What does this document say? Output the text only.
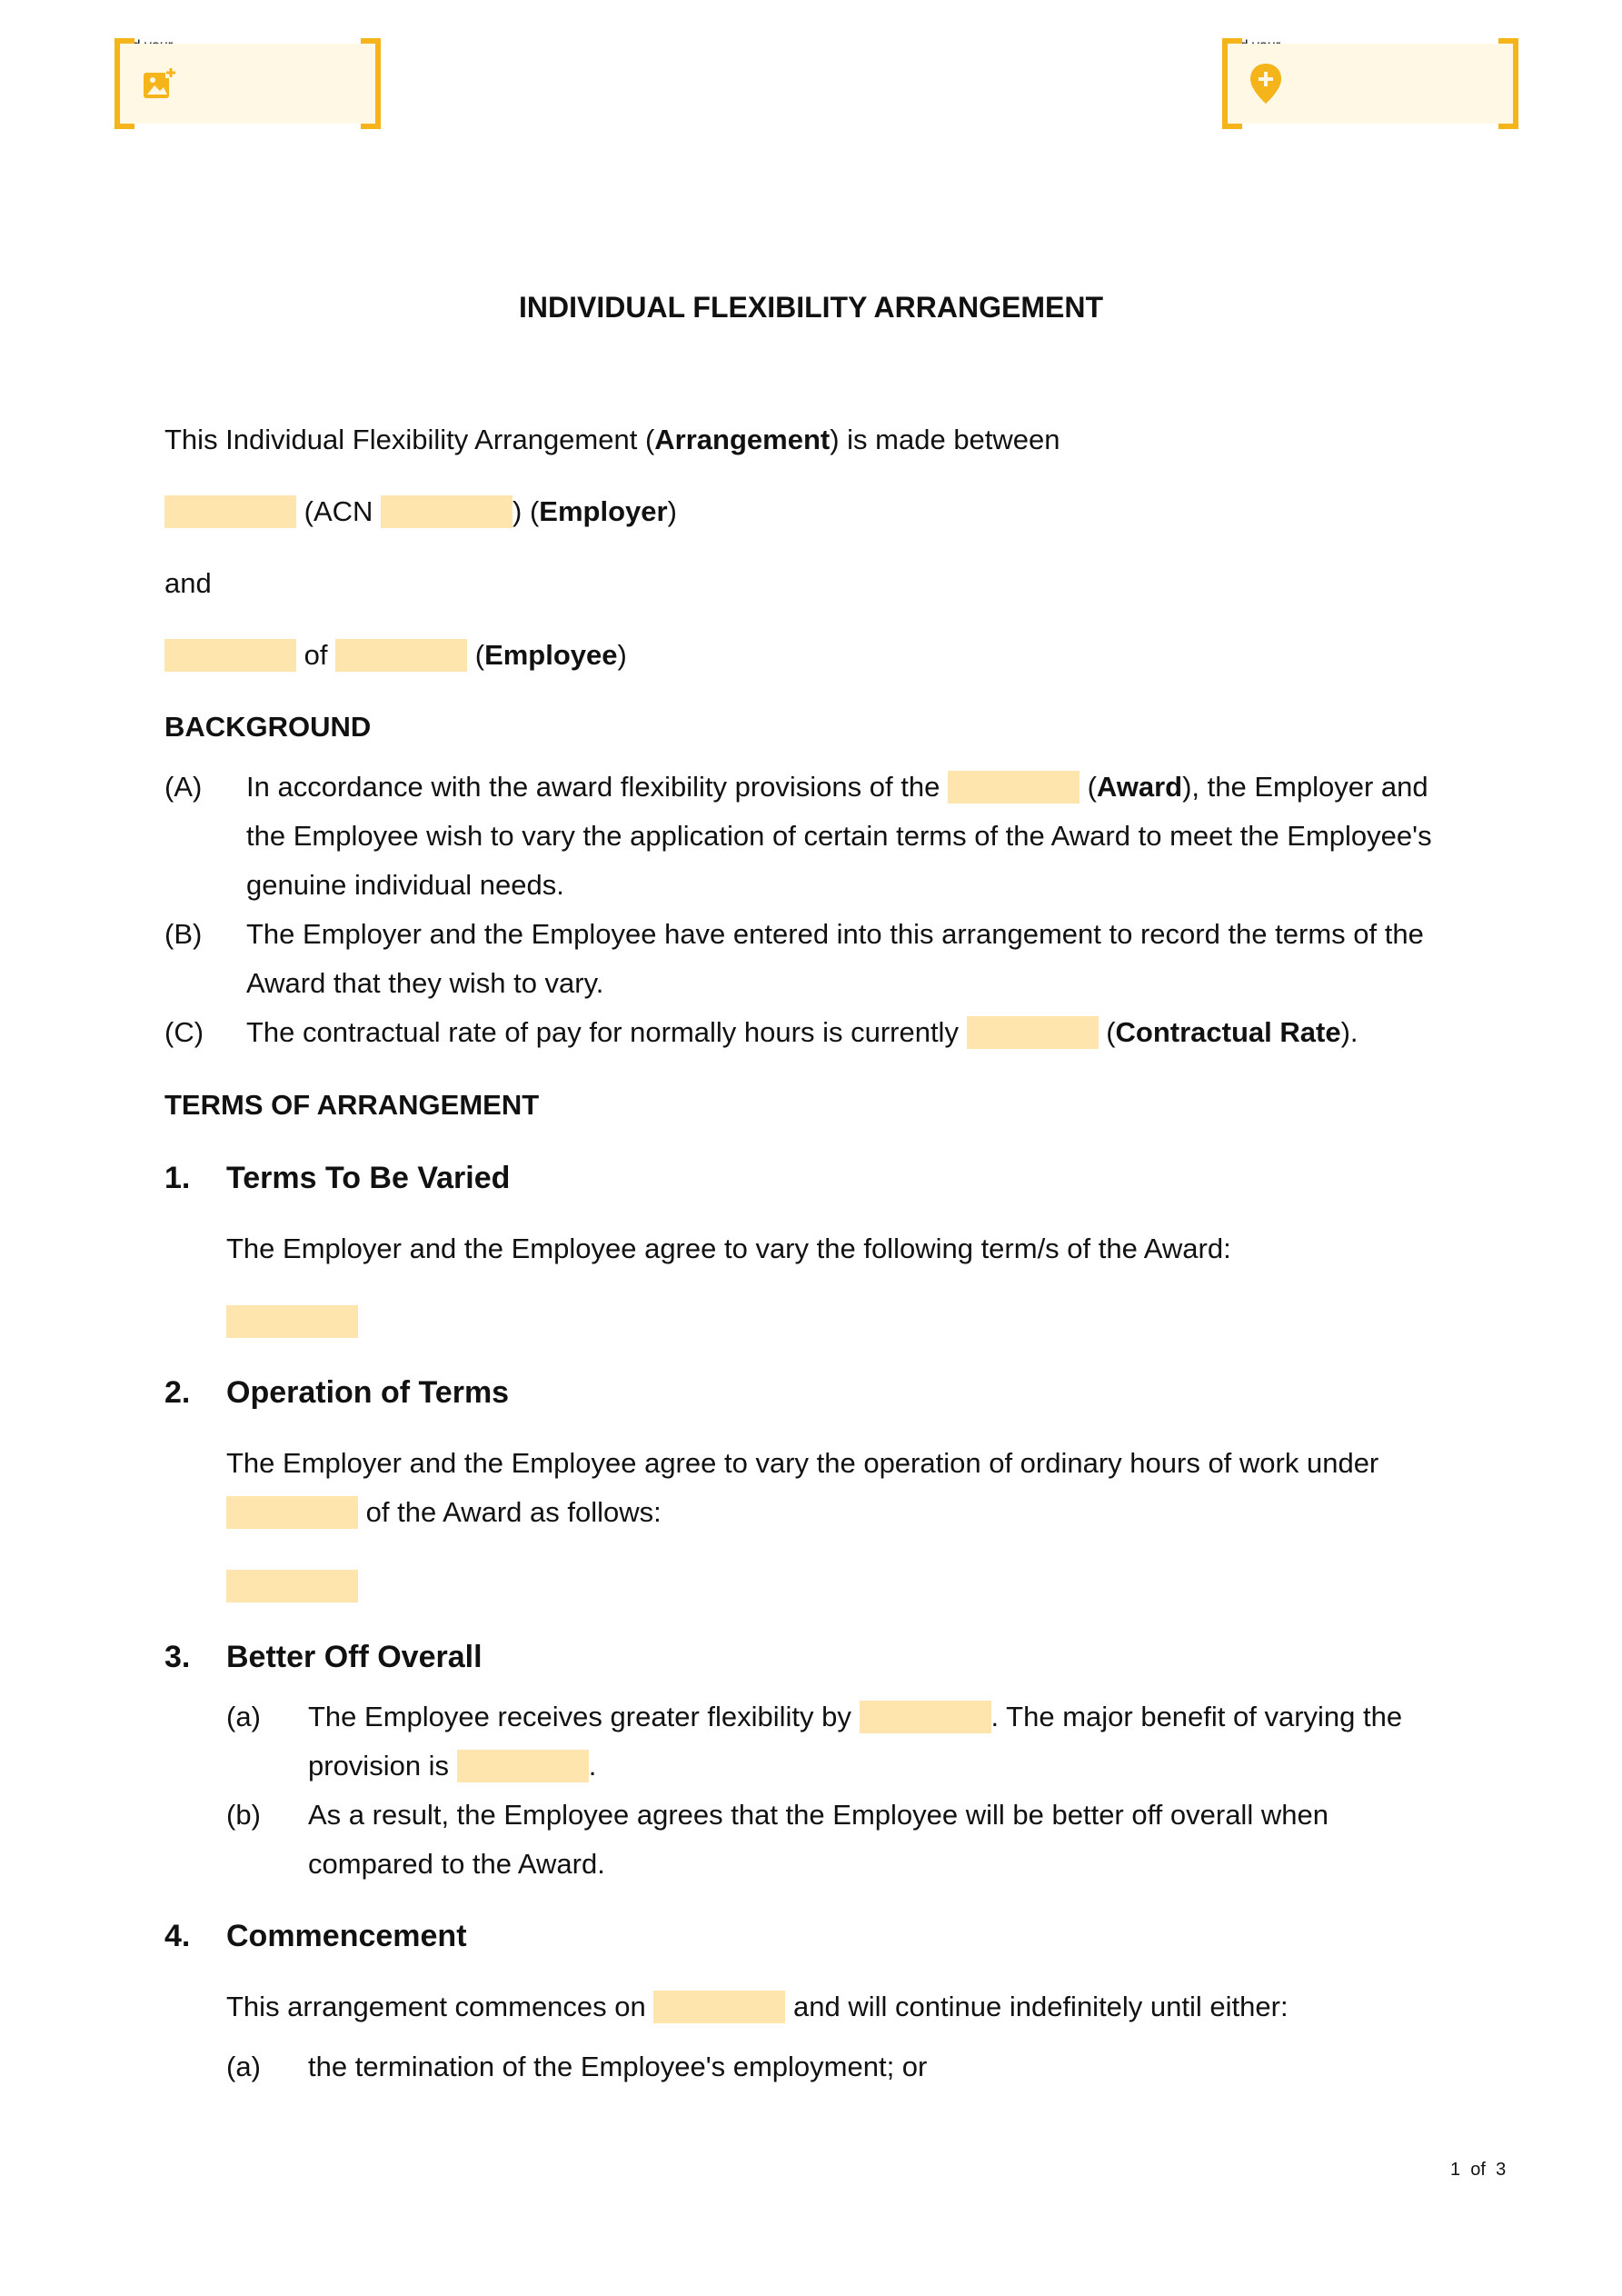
INDIVIDUAL FLEXIBILITY ARRANGEMENT
This Individual Flexibility Arrangement (Arrangement) is made between
(ACN	) (Employer)
and
of	(Employee)
BACKGROUND
(A) In accordance with the award flexibility provisions of the	(Award), the Employer and
the Employee wish to vary the application of certain terms of the Award to meet the Employee's
genuine individual needs.
(B) The Employer and the Employee have entered into this arrangement to record the terms of the
Award that they wish to vary.
(C) The contractual rate of pay for normally hours is currently	(Contractual Rate).
TERMS OF ARRANGEMENT
1. Terms To Be Varied
The Employer and the Employee agree to vary the following term/s of the Award:
2. Operation of Terms
The Employer and the Employee agree to vary the operation of ordinary hours of work under
of the Award as follows:
3. Better Off Overall
(a) The Employee receives greater flexibility by	. The major benefit of varying the
provision is	.
(b) As a result, the Employee agrees that the Employee will be better off overall when
compared to the Award.
4. Commencement
This arrangement commences on	and will continue indefinitely until either:
(a) the termination of the Employee's employment; or
1 of 3
